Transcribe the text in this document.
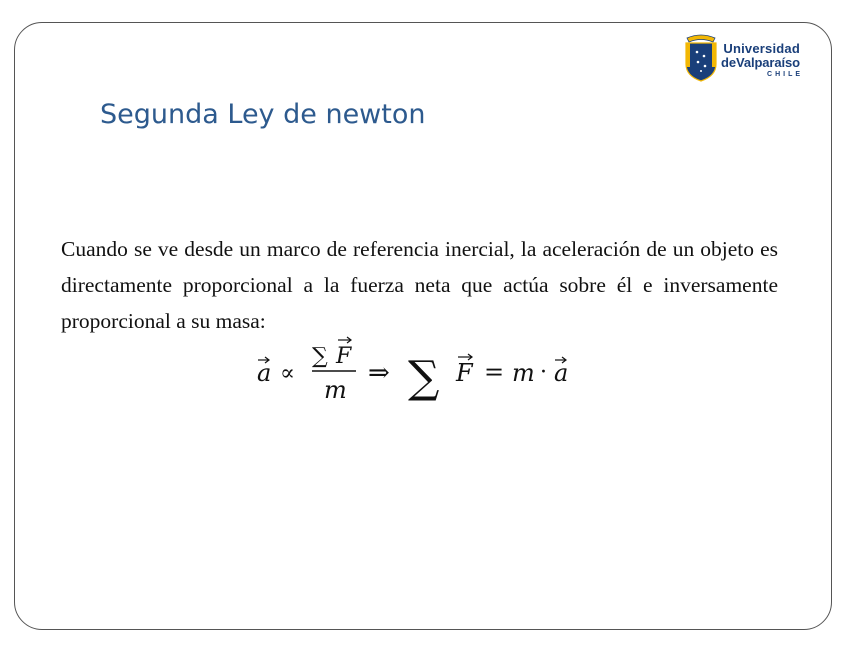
Universidad
deValparaíso
CHILE
Segunda Ley de newton

Cuando se ve desde un marco de referencia inercial, la aceleración de un objeto es directamente proporcional a la fuerza neta que actúa sobre él e inversamente proporcional a su masa:

a ∝
∑ F
m
⇒ ∑ F = m · a
